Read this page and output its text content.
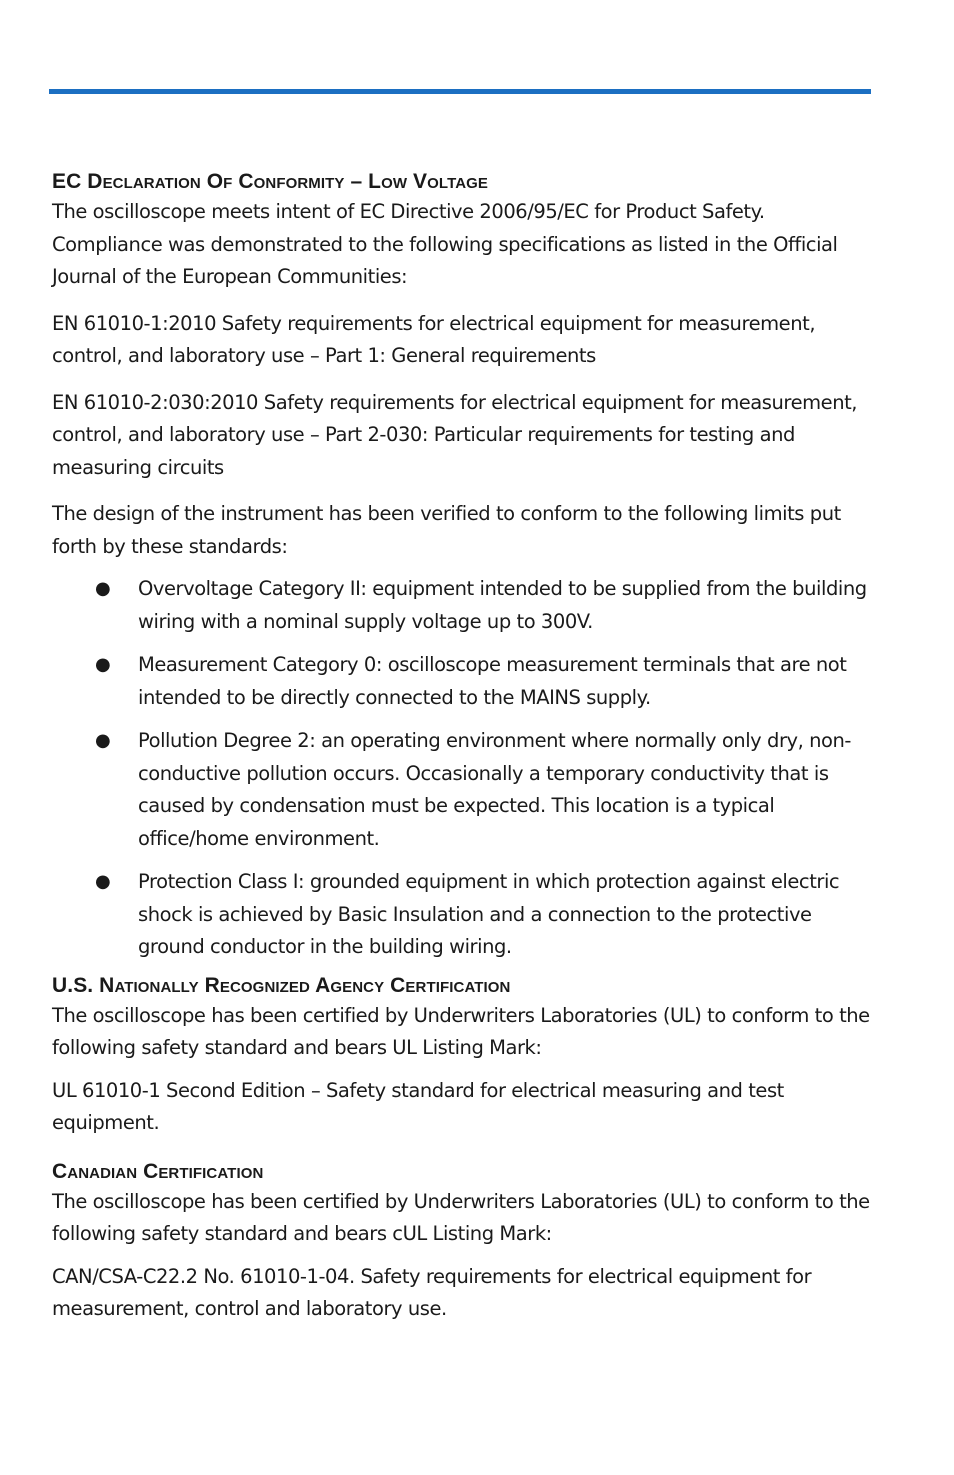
EC Declaration Of Conformity – Low Voltage

The oscilloscope meets intent of EC Directive 2006/95/EC for Product Safety. Compliance was demonstrated to the following specifications as listed in the Official Journal of the European Communities:

EN 61010-1:2010 Safety requirements for electrical equipment for measurement, control, and laboratory use – Part 1: General requirements

EN 61010-2:030:2010 Safety requirements for electrical equipment for measurement, control, and laboratory use – Part 2-030: Particular requirements for testing and measuring circuits

The design of the instrument has been verified to conform to the following limits put forth by these standards:

● Overvoltage Category II: equipment intended to be supplied from the building wiring with a nominal supply voltage up to 300V.
● Measurement Category 0: oscilloscope measurement terminals that are not intended to be directly connected to the MAINS supply.
● Pollution Degree 2: an operating environment where normally only dry, non-conductive pollution occurs. Occasionally a temporary conductivity that is caused by condensation must be expected. This location is a typical office/home environment.
● Protection Class I: grounded equipment in which protection against electric shock is achieved by Basic Insulation and a connection to the protective ground conductor in the building wiring.
U.S. Nationally Recognized Agency Certification

The oscilloscope has been certified by Underwriters Laboratories (UL) to conform to the following safety standard and bears UL Listing Mark:

UL 61010-1 Second Edition – Safety standard for electrical measuring and test equipment.

Canadian Certification

The oscilloscope has been certified by Underwriters Laboratories (UL) to conform to the following safety standard and bears cUL Listing Mark:

CAN/CSA-C22.2 No. 61010-1-04. Safety requirements for electrical equipment for measurement, control and laboratory use.
